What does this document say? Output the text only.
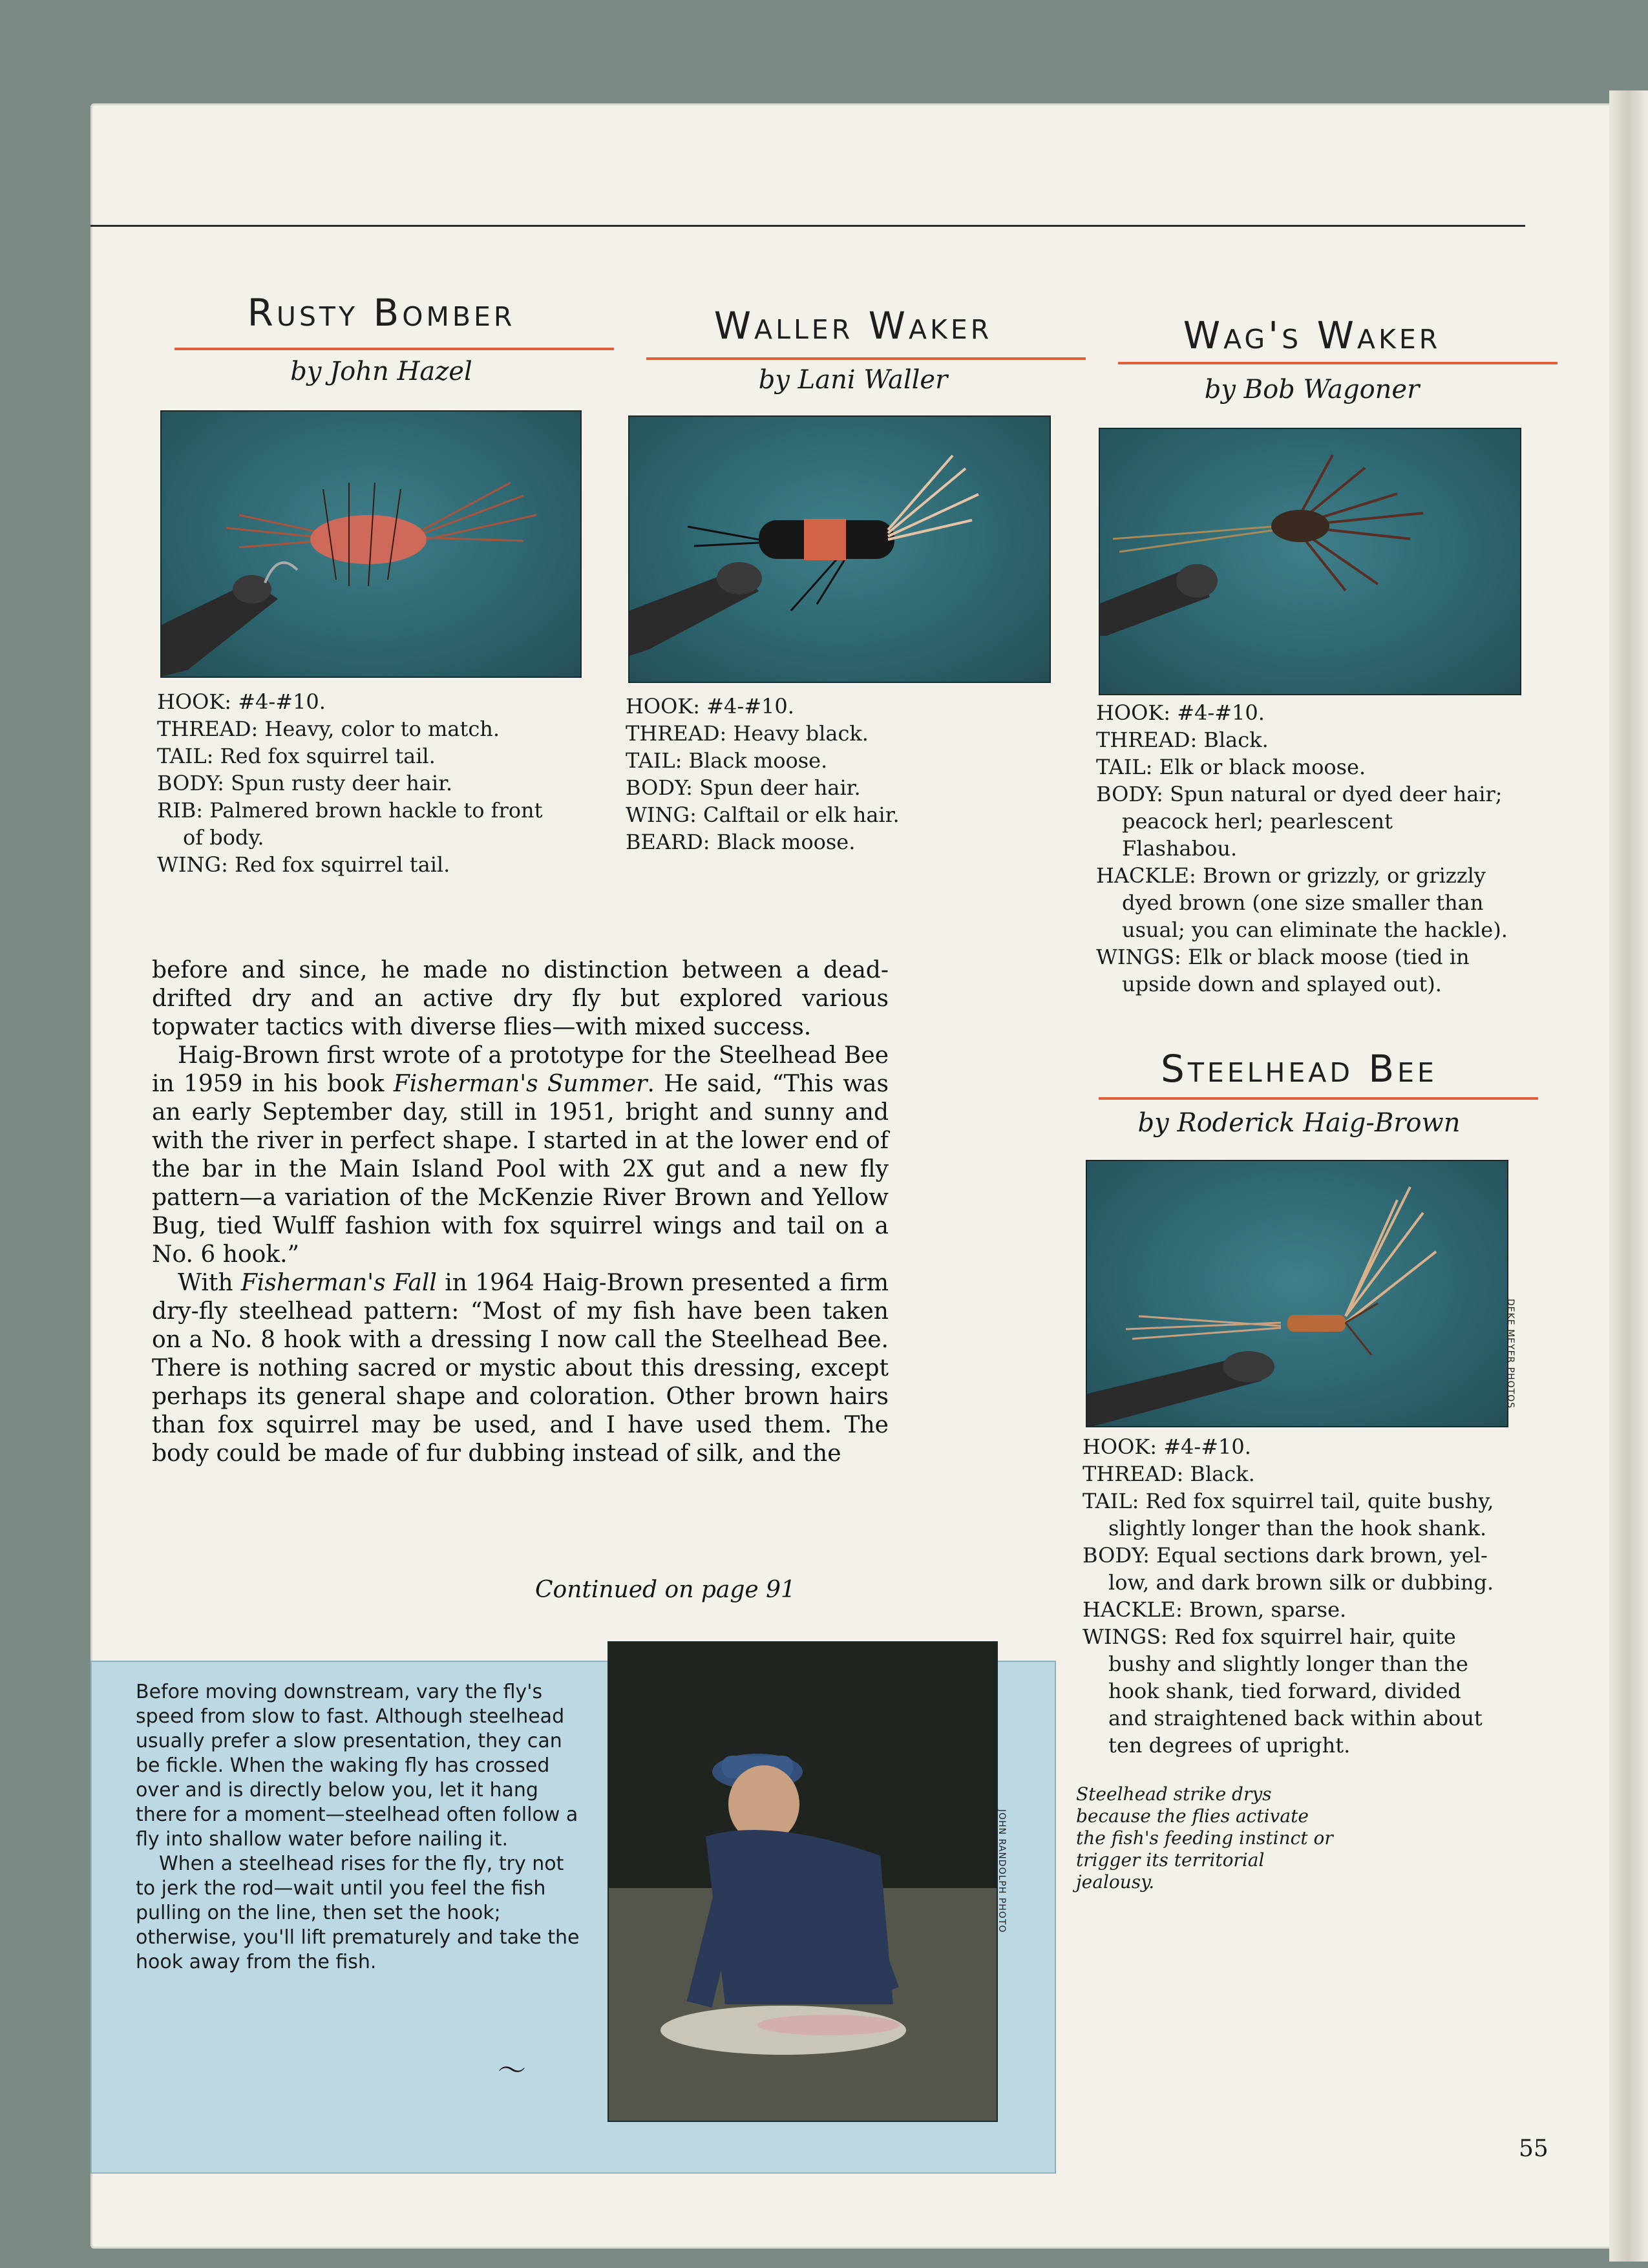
Rusty Bomber
by John Hazel
HOOK: #4-#10.
THREAD: Heavy, color to match.
TAIL: Red fox squirrel tail.
BODY: Spun rusty deer hair.
RIB: Palmered brown hackle to front
of body.
WING: Red fox squirrel tail.
Waller Waker
by Lani Waller
HOOK: #4-#10.
THREAD: Heavy black.
TAIL: Black moose.
BODY: Spun deer hair.
WING: Calftail or elk hair.
BEARD: Black moose.
Wag's Waker
by Bob Wagoner
HOOK: #4-#10.
THREAD: Black.
TAIL: Elk or black moose.
BODY: Spun natural or dyed deer hair;
peacock herl; pearlescent
Flashabou.
HACKLE: Brown or grizzly, or grizzly
dyed brown (one size smaller than
usual; you can eliminate the hackle).
WINGS: Elk or black moose (tied in
upside down and splayed out).
Steelhead Bee
by Roderick Haig-Brown
DEKE MEYER PHOTOS
HOOK: #4-#10.
THREAD: Black.
TAIL: Red fox squirrel tail, quite bushy,
slightly longer than the hook shank.
BODY: Equal sections dark brown, yel-
low, and dark brown silk or dubbing.
HACKLE: Brown, sparse.
WINGS: Red fox squirrel hair, quite
bushy and slightly longer than the
hook shank, tied forward, divided
and straightened back within about
ten degrees of upright.

before and since, he made no distinction between a dead-drifted dry and an active dry fly but explored various topwater tactics with diverse flies—with mixed success.

Haig-Brown first wrote of a prototype for the Steelhead Bee in 1959 in his book Fisherman's Summer. He said, “This was an early September day, still in 1951, bright and sunny and with the river in perfect shape. I started in at the lower end of the bar in the Main Island Pool with 2X gut and a new fly pattern—a variation of the McKenzie River Brown and Yellow Bug, tied Wulff fashion with fox squirrel wings and tail on a No. 6 hook.”

With Fisherman's Fall in 1964 Haig-Brown presented a firm dry-fly steelhead pattern: “Most of my fish have been taken on a No. 8 hook with a dressing I now call the Steelhead Bee. There is nothing sacred or mystic about this dressing, except perhaps its general shape and coloration. Other brown hairs than fox squirrel may be used, and I have used them. The body could be made of fur dubbing instead of silk, and the

Continued on page 91

Before moving downstream, vary the fly's speed from slow to fast. Although steelhead usually prefer a slow presentation, they can be fickle. When the waking fly has crossed over and is directly below you, let it hang there for a moment—steelhead often follow a fly into shallow water before nailing it.

When a steelhead rises for the fly, try not to jerk the rod—wait until you feel the fish pulling on the line, then set the hook; otherwise, you'll lift prematurely and take the hook away from the fish.

〜
JOHN RANDOLPH PHOTO
Steelhead strike drys because the flies activate the fish's feeding instinct or trigger its territorial jealousy.
55
